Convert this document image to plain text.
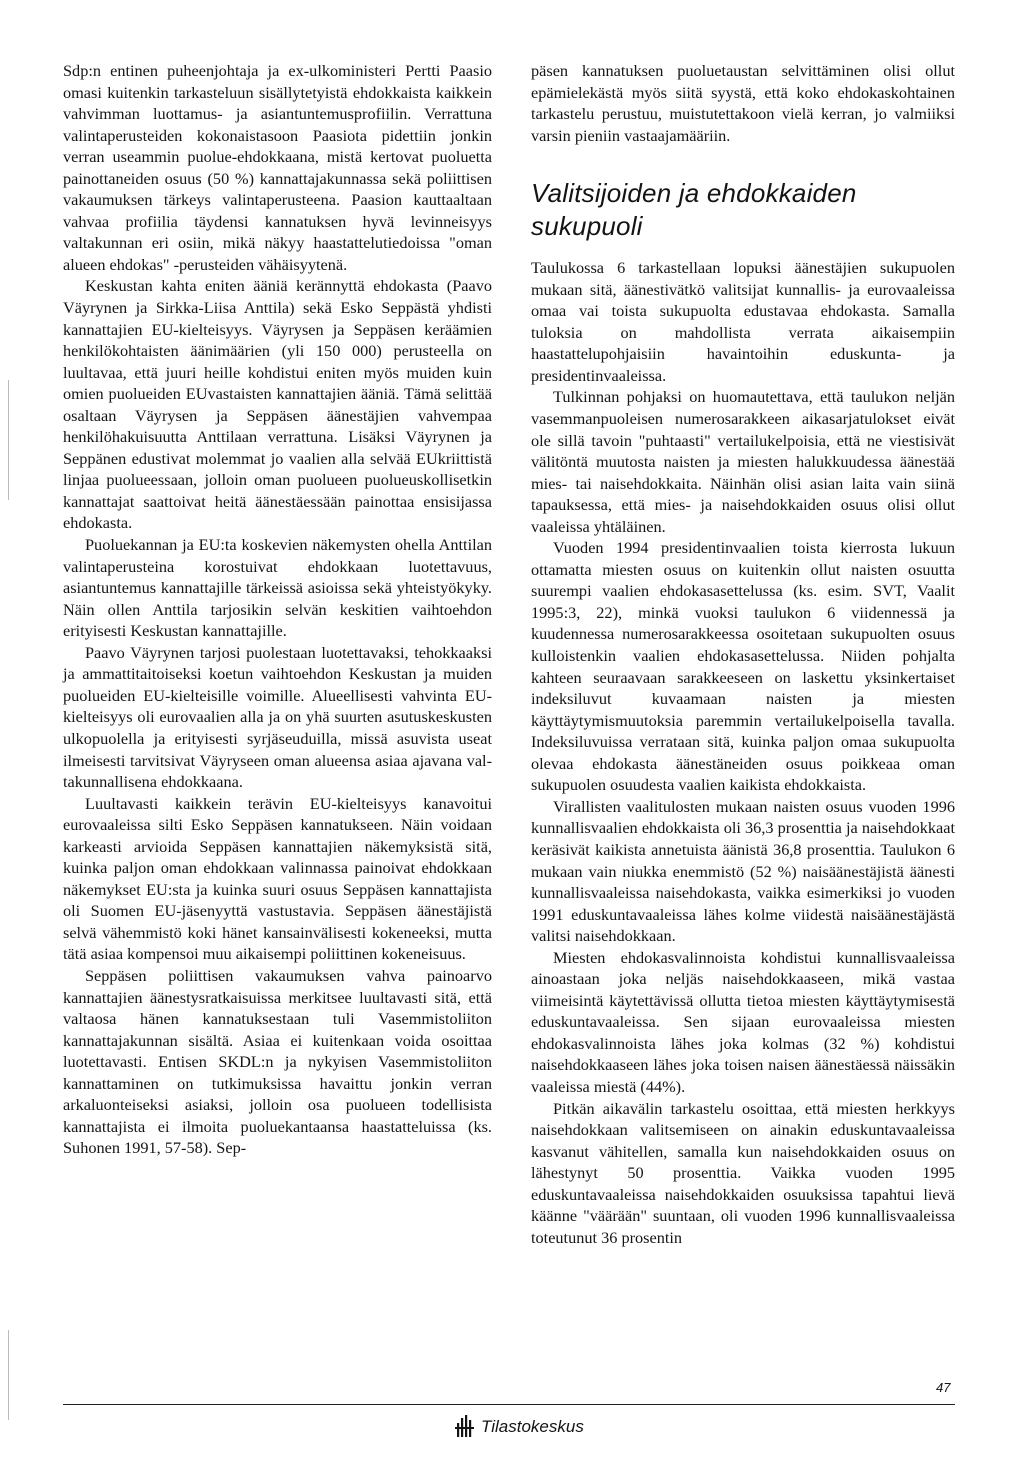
Sdp:n entinen puheenjohtaja ja ex-ulkoministeri Pertti Paasio omasi kuitenkin tarkasteluun sisällytetyistä ehdokkaista kaikkein vahvimman luottamus- ja asiantuntemusprofiilin. Verrattuna valintaperusteiden kokonaistasoon Paasiota pidettiin jonkin verran useammin puolue-ehdokkaana, mistä kertovat puoluetta painottaneiden osuus (50 %) kannattajakunnassa sekä poliittisen vakaumuksen tärkeys valintaperusteena. Paasion kauttaaltaan vahvaa profiilia täydensi kannatuksen hyvä levinneisyys valtakunnan eri osiin, mikä näkyy haastattelutiedoissa "oman alueen ehdokas" -perusteiden vähäisyytenä.

Keskustan kahta eniten ääniä kerännyttä ehdokasta (Paavo Väyrynen ja Sirkka-Liisa Anttila) sekä Esko Seppästä yhdisti kannattajien EU-kielteisyys. Väyrysen ja Seppäsen keräämien henkilökohtaisten äänimäärien (yli 150 000) perusteella on luultavaa, että juuri heille kohdistui eniten myös muiden kuin omien puolueiden EUvastaisten kannattajien ääniä. Tämä selittää osaltaan Väyrysen ja Seppäsen äänestäjien vahvempaa henkilöhakuisuutta Anttilaan verrattuna. Lisäksi Väyrynen ja Seppänen edustivat molemmat jo vaalien alla selvää EUkriittistä linjaa puolueessaan, jolloin oman puolueen puolueuskollisetkin kannattajat saattoivat heitä äänestäessään painottaa ensisijassa ehdokasta.

Puoluekannan ja EU:ta koskevien näkemysten ohella Anttilan valintaperusteina korostuivat ehdokkaan luotettavuus, asiantuntemus kannattajille tärkeissä asioissa sekä yhteistyökyky. Näin ollen Anttila tarjosikin selvän keskitien vaihtoehdon erityisesti Keskustan kannattajille.

Paavo Väyrynen tarjosi puolestaan luotettavaksi, tehokkaaksi ja ammattitaitoiseksi koetun vaihtoehdon Keskustan ja muiden puolueiden EU-kielteisille voimille. Alueellisesti vahvinta EU-kielteisyys oli eurovaalien alla ja on yhä suurten asutuskeskusten ulkopuolella ja erityisesti syrjäseuduilla, missä asuvista useat ilmeisesti tarvitsivat Väyryseen oman alueensa asiaa ajavana valtakunnallisena ehdokkaana.

Luultavasti kaikkein terävin EU-kielteisyys kanavoitui eurovaaleissa silti Esko Seppäsen kannatukseen. Näin voidaan karkeasti arvioida Seppäsen kannattajien näkemyksistä sitä, kuinka paljon oman ehdokkaan valinnassa painoivat ehdokkaan näkemykset EU:sta ja kuinka suuri osuus Seppäsen kannattajista oli Suomen EU-jäsenyyttä vastustavia. Seppäsen äänestäjistä selvä vähemmistö koki hänet kansainvälisesti kokeneeksi, mutta tätä asiaa kompensoi muu aikaisempi poliittinen kokeneisuus.

Seppäsen poliittisen vakaumuksen vahva painoarvo kannattajien äänestysratkaisuissa merkitsee luultavasti sitä, että valtaosa hänen kannatuksestaan tuli Vasemmistoliiton kannattajakunnan sisältä. Asiaa ei kuitenkaan voida osoittaa luotettavasti. Entisen SKDL:n ja nykyisen Vasemmistoliiton kannattaminen on tutkimuksissa havaittu jonkin verran arkaluonteiseksi asiaksi, jolloin osa puolueen todellisista kannattajista ei ilmoita puoluekantaansa haastatteluissa (ks. Suhonen 1991, 57-58). Sep-

päsen kannatuksen puoluetaustan selvittäminen olisi ollut epämielekästä myös siitä syystä, että koko ehdokaskohtainen tarkastelu perustuu, muistutettakoon vielä kerran, jo valmiiksi varsin pieniin vastaajamääriin.

Valitsijoiden ja ehdokkaiden sukupuoli

Taulukossa 6 tarkastellaan lopuksi äänestäjien sukupuolen mukaan sitä, äänestivätkö valitsijat kunnallis- ja eurovaaleissa omaa vai toista sukupuolta edustavaa ehdokasta. Samalla tuloksia on mahdollista verrata aikaisempiin haastattelupohjaisiin havaintoihin eduskunta- ja presidentinvaaleissa.

Tulkinnan pohjaksi on huomautettava, että taulukon neljän vasemmanpuoleisen numerosarakkeen aikasarjatulokset eivät ole sillä tavoin "puhtaasti" vertailukelpoisia, että ne viestisivät välitöntä muutosta naisten ja miesten halukkuudessa äänestää mies- tai naisehdokkaita. Näinhän olisi asian laita vain siinä tapauksessa, että mies- ja naisehdokkaiden osuus olisi ollut vaaleissa yhtäläinen.

Vuoden 1994 presidentinvaalien toista kierrosta lukuun ottamatta miesten osuus on kuitenkin ollut naisten osuutta suurempi vaalien ehdokasasettelussa (ks. esim. SVT, Vaalit 1995:3, 22), minkä vuoksi taulukon 6 viidennessä ja kuudennessa numerosarakkeessa osoitetaan sukupuolten osuus kulloistenkin vaalien ehdokasasettelussa. Niiden pohjalta kahteen seuraavaan sarakkeeseen on laskettu yksinkertaiset indeksiluvut kuvaamaan naisten ja miesten käyttäytymismuutoksia paremmin vertailukelpoisella tavalla. Indeksiluvuissa verrataan sitä, kuinka paljon omaa sukupuolta olevaa ehdokasta äänestäneiden osuus poikkeaa oman sukupuolen osuudesta vaalien kaikista ehdokkaista.

Virallisten vaalitulosten mukaan naisten osuus vuoden 1996 kunnallisvaalien ehdokkaista oli 36,3 prosenttia ja naisehdokkaat keräsivät kaikista annetuista äänistä 36,8 prosenttia. Taulukon 6 mukaan vain niukka enemmistö (52 %) naisäänestäjistä äänesti kunnallisvaaleissa naisehdokasta, vaikka esimerkiksi jo vuoden 1991 eduskuntavaaleissa lähes kolme viidestä naisäänestäjästä valitsi naisehdokkaan.

Miesten ehdokasvalinnoista kohdistui kunnallisvaaleissa ainoastaan joka neljäs naisehdokkaaseen, mikä vastaa viimeisintä käytettävissä ollutta tietoa miesten käyttäytymisestä eduskuntavaaleissa. Sen sijaan eurovaaleissa miesten ehdokasvalinnoista lähes joka kolmas (32 %) kohdistui naisehdokkaaseen lähes joka toisen naisen äänestäessä näissäkin vaaleissa miestä (44%).

Pitkän aikavälin tarkastelu osoittaa, että miesten herkkyys naisehdokkaan valitsemiseen on ainakin eduskuntavaaleissa kasvanut vähitellen, samalla kun naisehdokkaiden osuus on lähestynyt 50 prosenttia. Vaikka vuoden 1995 eduskuntavaaleissa naisehdokkaiden osuuksissa tapahtui lievä käänne "väärään" suuntaan, oli vuoden 1996 kunnallisvaaleissa toteutunut 36 prosentin

Tilastokeskus
47
